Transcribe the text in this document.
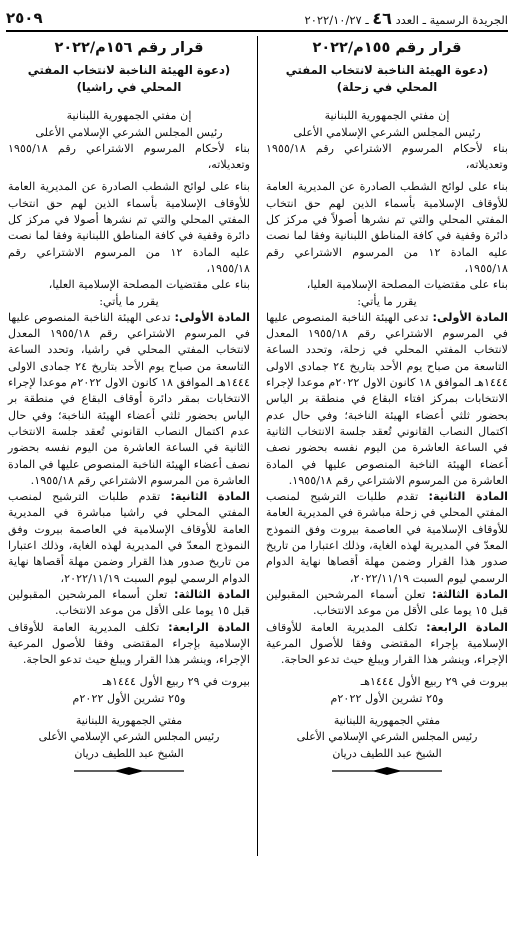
الجريدة الرسمية ـ العدد ٤٦ ـ ٢٠٢٢/١٠/٢٧
٢٥٠٩
قرار رقم ١٥٥م/٢٠٢٢
(دعوة الهيئة الناخبة لانتخاب المفتي المحلي في زحلة)

إن مفتي الجمهورية اللبنانية

رئيس المجلس الشرعي الإسلامي الأعلى

بناء لأحكام المرسوم الاشتراعي رقم ١٩٥٥/١٨ وتعديلاته،

بناء على لوائح الشطب الصادرة عن المديرية العامة للأوقاف الإسلامية بأسماء الذين لهم حق انتخاب المفتي المحلي والتي تم نشرها أصولاً في مركز كل دائرة وقفية في كافة المناطق اللبنانية وفقا لما نصت عليه المادة ١٢ من المرسوم الاشتراعي رقم ١٩٥٥/١٨،

بناء على مقتضيات المصلحة الإسلامية العليا،

يقرر ما يأتي:

المادة الأولى: تدعى الهيئة الناخبة المنصوص عليها في المرسوم الاشتراعي رقم ١٩٥٥/١٨ المعدل لانتخاب المفتي المحلي في زحلة، وتحدد الساعة التاسعة من صباح يوم الأحد بتاريخ ٢٤ جمادى الاولى ١٤٤٤هـ الموافق ١٨ كانون الاول ٢٠٢٢م موعدا لإجراء الانتخابات بمركز افتاء البقاع في منطقة بر الياس بحضور ثلثي أعضاء الهيئة الناخبة؛ وفي حال عدم اكتمال النصاب القانوني تُعقد جلسة الانتخاب الثانية في الساعة العاشرة من اليوم نفسه بحضور نصف أعضاء الهيئة الناخبة المنصوص عليها في المادة العاشرة من المرسوم الاشتراعي رقم ١٩٥٥/١٨.

المادة الثانية: تقدم طلبات الترشيح لمنصب المفتي المحلي في زحلة مباشرة في المديرية العامة للأوقاف الإسلامية في العاصمة بيروت وفق النموذج المعدّ في المديرية لهذه الغاية، وذلك اعتبارا من تاريخ صدور هذا القرار وضمن مهلة أقصاها نهاية الدوام الرسمي ليوم السبت ٢٠٢٢/١١/١٩،

المادة الثالثة: تعلن أسماء المرشحين المقبولين قبل ١٥ يوما على الأقل من موعد الانتخاب.

المادة الرابعة: تكلف المديرية العامة للأوقاف الإسلامية بإجراء المقتضى وفقا للأصول المرعية الإجراء، وينشر هذا القرار ويبلغ حيث تدعو الحاجة.

بيروت في ٢٩ ربيع الأول ١٤٤٤هـ

و٢٥ تشرين الأول ٢٠٢٢م

مفتي الجمهورية اللبنانية

رئيس المجلس الشرعي الإسلامي الأعلى

الشيخ عبد اللطيف دريان

قرار رقم ١٥٦م/٢٠٢٢
(دعوة الهيئة الناخبة لانتخاب المفتي المحلي في راشيا)

إن مفتي الجمهورية اللبنانية

رئيس المجلس الشرعي الإسلامي الأعلى

بناء لأحكام المرسوم الاشتراعي رقم ١٩٥٥/١٨ وتعديلاته،

بناء على لوائح الشطب الصادرة عن المديرية العامة للأوقاف الإسلامية بأسماء الذين لهم حق انتخاب المفتي المحلي والتي تم نشرها أصولا في مركز كل دائرة وقفية في كافة المناطق اللبنانية وفقا لما نصت عليه المادة ١٢ من المرسوم الاشتراعي رقم ١٩٥٥/١٨،

بناء على مقتضيات المصلحة الإسلامية العليا،

يقرر ما يأتي:

المادة الأولى: تدعى الهيئة الناخبة المنصوص عليها في المرسوم الاشتراعي رقم ١٩٥٥/١٨ المعدل لانتخاب المفتي المحلي في راشيا، وتحدد الساعة التاسعة من صباح يوم الأحد بتاريخ ٢٤ جمادى الاولى ١٤٤٤هـ الموافق ١٨ كانون الاول ٢٠٢٢م موعدا لإجراء الانتخابات بمقر دائرة أوقاف البقاع في منطقة بر الياس بحضور ثلثي أعضاء الهيئة الناخبة؛ وفي حال عدم اكتمال النصاب القانوني تُعقد جلسة الانتخاب الثانية في الساعة العاشرة من اليوم نفسه بحضور نصف أعضاء الهيئة الناخبة المنصوص عليها في المادة العاشرة من المرسوم الاشتراعي رقم ١٩٥٥/١٨.

المادة الثانية: تقدم طلبات الترشيح لمنصب المفتي المحلي في راشيا مباشرة في المديرية العامة للأوقاف الإسلامية في العاصمة بيروت وفق النموذج المعدّ في المديرية لهذه الغاية، وذلك اعتبارا من تاريخ صدور هذا القرار وضمن مهلة أقصاها نهاية الدوام الرسمي ليوم السبت ٢٠٢٢/١١/١٩،

المادة الثالثة: تعلن أسماء المرشحين المقبولين قبل ١٥ يوما على الأقل من موعد الانتخاب.

المادة الرابعة: تكلف المديرية العامة للأوقاف الإسلامية بإجراء المقتضى وفقا للأصول المرعية الإجراء، وينشر هذا القرار ويبلغ حيث تدعو الحاجة.

بيروت في ٢٩ ربيع الأول ١٤٤٤هـ

و٢٥ تشرين الأول ٢٠٢٢م

مفتي الجمهورية اللبنانية

رئيس المجلس الشرعي الإسلامي الأعلى

الشيخ عبد اللطيف دريان
